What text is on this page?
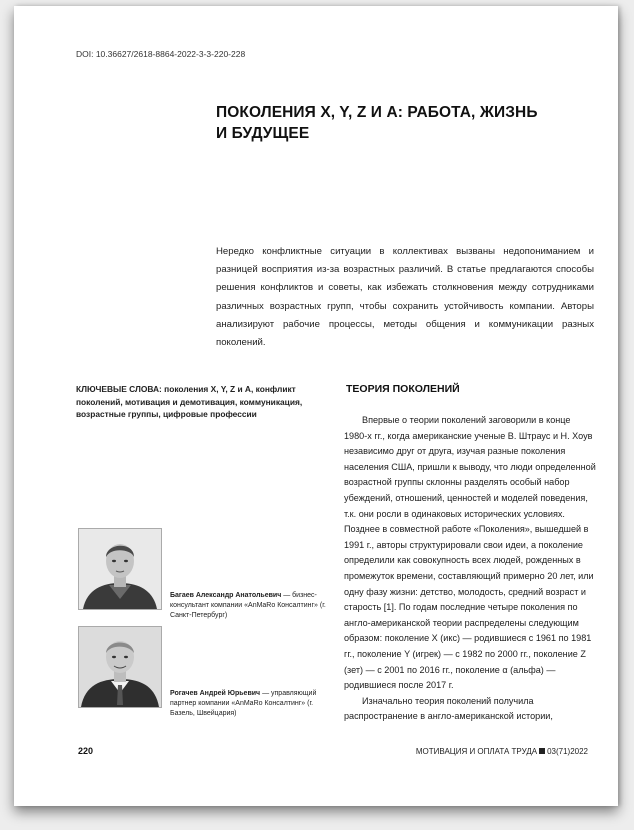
DOI: 10.36627/2618-8864-2022-3-3-220-228
ПОКОЛЕНИЯ X, Y, Z И A: РАБОТА, ЖИЗНЬ
И БУДУЩЕЕ
Нередко конфликтные ситуации в коллективах вызваны недопониманием и разницей восприятия из-за возрастных различий. В статье предлагаются способы решения конфликтов и советы, как избежать столкновения между сотрудниками различных возрастных групп, чтобы сохранить устойчивость компании. Авторы анализируют рабочие процессы, методы общения и коммуникации разных поколений.
КЛЮЧЕВЫЕ СЛОВА: поколения X, Y, Z и A, конфликт поколений, мотивация и демотивация, коммуникация, возрастные группы, цифровые профессии
ТЕОРИЯ ПОКОЛЕНИЙ

Впервые о теории поколений заговорили в конце 1980-х гг., когда американские ученые В. Штраус и Н. Хоув независимо друг от друга, изучая разные поколения населения США, пришли к выводу, что люди определенной возрастной группы склонны разделять особый набор убеждений, отношений, ценностей и моделей поведения, т.к. они росли в одинаковых исторических условиях. Позднее в совместной работе «Поколения», вышедшей в 1991 г., авторы структурировали свои идеи, а поколение определили как совокупность всех людей, рожденных в промежуток времени, составляющий примерно 20 лет, или одну фазу жизни: детство, молодость, средний возраст и старость [1]. По годам последние четыре поколения по англо-американской теории распределены следующим образом: поколение X (икс) — родившиеся с 1961 по 1981 гг., поколение Y (игрек) — с 1982 по 2000 гг., поколение Z (зет) — с 2001 по 2016 гг., поколение α (альфа) — родившиеся после 2017 г.

Изначально теория поколений получила распространение в англо-американской истории,

Багаев Александр Анатольевич — бизнес-консультант компании «AnMaRo Консалтинг» (г. Санкт-Петербург)
Рогачев Андрей Юрьевич — управляющий партнер компании «AnMaRo Консалтинг» (г. Базель, Швейцария)
220	МОТИВАЦИЯ И ОПЛАТА ТРУДА 03(71)2022
